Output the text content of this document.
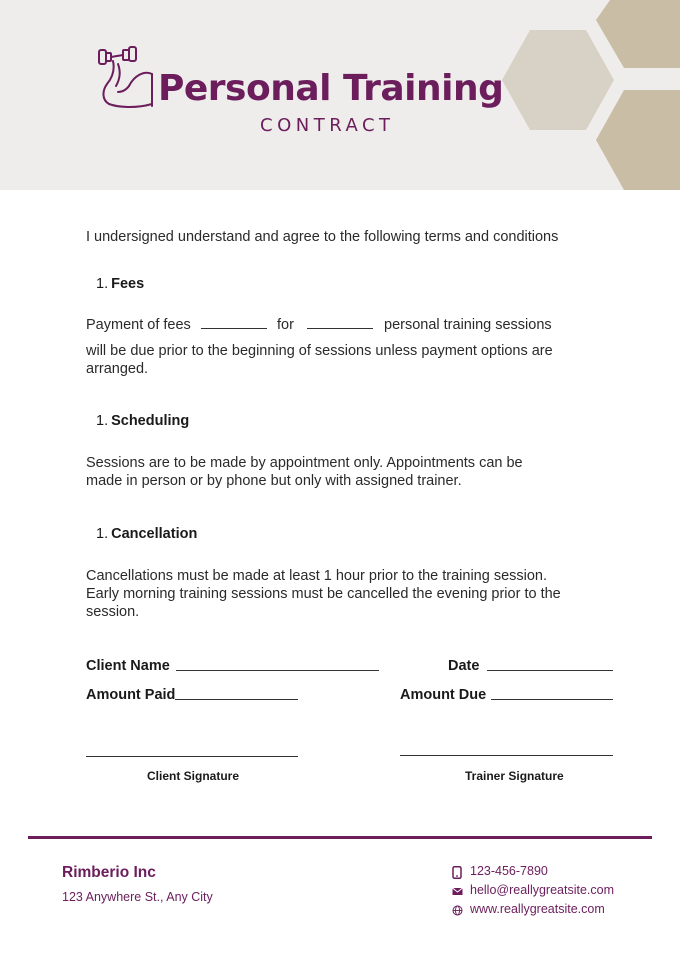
Personal Training
CONTRACT
I undersigned understand and agree to the following terms and conditions
1. Fees
Payment of fees	for	personal training sessions
will be due prior to the beginning of sessions unless payment options are
arranged.
1. Scheduling
Sessions are to be made by appointment only. Appointments can be
made in person or by phone but only with assigned trainer.
1. Cancellation
Cancellations must be made at least 1 hour prior to the training session.
Early morning training sessions must be cancelled the evening prior to the
session.
Client Name	Date
Amount Paid	Amount Due
Client Signature	Trainer Signature
Rimberio Inc
123 Anywhere St., Any City
123-456-7890
hello@reallygreatsite.com
www.reallygreatsite.com
